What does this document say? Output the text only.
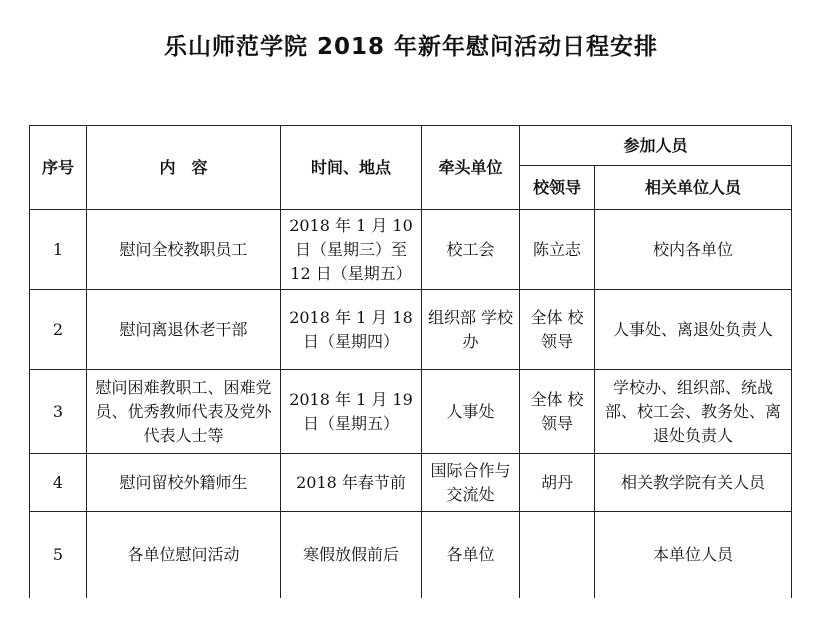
乐山师范学院 2018 年新年慰问活动日程安排
序号	内　容	时间、地点	牵头单位	参加人员	
				校领导	相关单位人员
1	慰问全校教职员工	2018 年 1 月 10 日（星期三）至 12 日（星期五）	校工会	陈立志	校内各单位
2	慰问离退休老干部	2018 年 1 月 18 日（星期四）	组织部 学校办	全体 校领导	人事处、离退处负责人
3	慰问困难教职工、困难党员、优秀教师代表及党外代表人士等	2018 年 1 月 19 日（星期五）	人事处	全体 校领导	学校办、组织部、统战部、校工会、教务处、离退处负责人
4	慰问留校外籍师生	2018 年春节前	国际合作与交流处	胡丹	相关教学院有关人员
5	各单位慰问活动	寒假放假前后	各单位		本单位人员
